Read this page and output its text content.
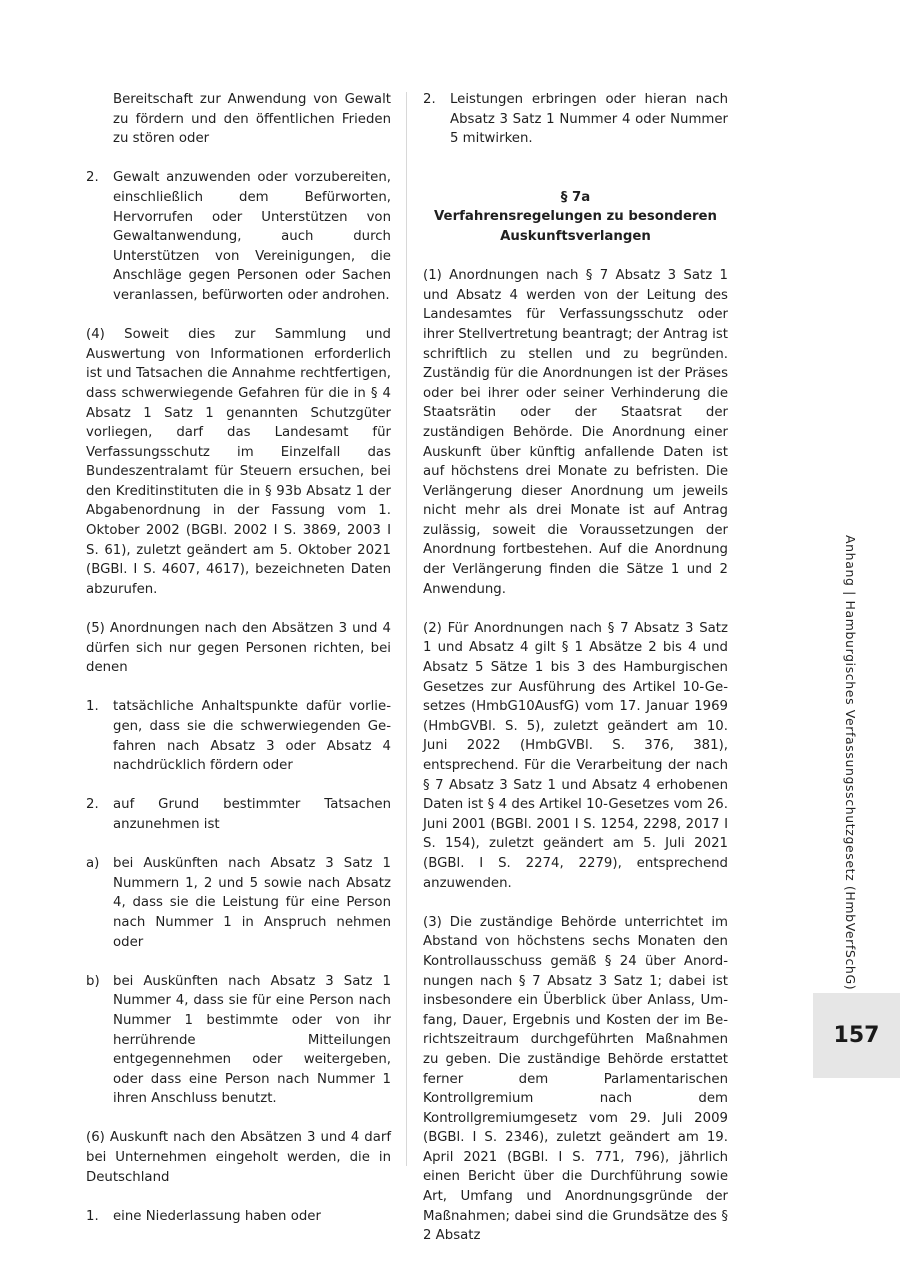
Bereitschaft zur Anwendung von Gewalt zu fördern und den öffentlichen Frieden zu stören oder
2.	Gewalt anzuwenden oder vorzubereiten, einschließlich dem Befürworten, Hervorrufen oder Unterstützen von Gewaltanwendung, auch durch Unterstützen von Vereinigungen, die Anschläge gegen Personen oder Sachen veranlassen, befürworten oder androhen.
(4) Soweit dies zur Sammlung und Auswertung von Informationen erforderlich ist und Tatsachen die Annahme rechtfertigen, dass schwerwiegende Gefahren für die in § 4 Absatz 1 Satz 1 genannten Schutzgüter vorliegen, darf das Landesamt für Verfassungsschutz im Einzelfall das Bundeszentralamt für Steuern ersuchen, bei den Kreditinstituten die in § 93b Absatz 1 der Abgabenordnung in der Fassung vom 1. Oktober 2002 (BGBl. 2002 I S. 3869, 2003 I S. 61), zuletzt geändert am 5. Oktober 2021 (BGBl. I S. 4607, 4617), bezeichneten Daten abzurufen.
(5) Anordnungen nach den Absätzen 3 und 4 dürfen sich nur gegen Personen richten, bei denen
1.	tatsächliche Anhaltspunkte dafür vorliegen, dass sie die schwerwiegenden Gefahren nach Absatz 3 oder Absatz 4 nachdrücklich fördern oder
2.	auf Grund bestimmter Tatsachen anzunehmen ist
a)	bei Auskünften nach Absatz 3 Satz 1 Nummern 1, 2 und 5 sowie nach Absatz 4, dass sie die Leistung für eine Person nach Nummer 1 in Anspruch nehmen oder
b)	bei Auskünften nach Absatz 3 Satz 1 Nummer 4, dass sie für eine Person nach Nummer 1 bestimmte oder von ihr herrührende Mitteilungen entgegennehmen oder weitergeben, oder dass eine Person nach Nummer 1 ihren Anschluss benutzt.
(6) Auskunft nach den Absätzen 3 und 4 darf bei Unternehmen eingeholt werden, die in Deutschland
1.	eine Niederlassung haben oder
2.	Leistungen erbringen oder hieran nach Absatz 3 Satz 1 Nummer 4 oder Nummer 5 mitwirken.
§ 7a
Verfahrensregelungen zu besonderen
Auskunftsverlangen
(1) Anordnungen nach § 7 Absatz 3 Satz 1 und Absatz 4 werden von der Leitung des Landesamtes für Verfassungsschutz oder ihrer Stellvertretung beantragt; der Antrag ist schriftlich zu stellen und zu begründen. Zuständig für die Anordnungen ist der Präses oder bei ihrer oder seiner Verhinderung die Staatsrätin oder der Staatsrat der zuständigen Behörde. Die Anordnung einer Auskunft über künftig anfallende Daten ist auf höchstens drei Monate zu befristen. Die Verlängerung dieser Anordnung um jeweils nicht mehr als drei Monate ist auf Antrag zulässig, soweit die Voraussetzungen der Anordnung fortbestehen. Auf die Anordnung der Verlängerung finden die Sätze 1 und 2 Anwendung.
(2) Für Anordnungen nach § 7 Absatz 3 Satz 1 und Absatz 4 gilt § 1 Absätze 2 bis 4 und Absatz 5 Sätze 1 bis 3 des Hamburgischen Gesetzes zur Ausführung des Artikel 10-Gesetzes (HmbG10AusfG) vom 17. Januar 1969 (HmbGVBl. S. 5), zuletzt geändert am 10. Juni 2022 (HmbGVBl. S. 376, 381), entsprechend. Für die Verarbeitung der nach § 7 Absatz 3 Satz 1 und Absatz 4 erhobenen Daten ist § 4 des Artikel 10-Gesetzes vom 26. Juni 2001 (BGBl. 2001 I S. 1254, 2298, 2017 I S. 154), zuletzt geändert am 5. Juli 2021 (BGBl. I S. 2274, 2279), entsprechend anzuwenden.
(3) Die zuständige Behörde unterrichtet im Abstand von höchstens sechs Monaten den Kontrollausschuss gemäß § 24 über Anordnungen nach § 7 Absatz 3 Satz 1; dabei ist insbesondere ein Überblick über Anlass, Umfang, Dauer, Ergebnis und Kosten der im Berichtszeitraum durchgeführten Maßnahmen zu geben. Die zuständige Behörde erstattet ferner dem Parlamentarischen Kontrollgremium nach dem Kontrollgremiumgesetz vom 29. Juli 2009 (BGBl. I S. 2346), zuletzt geändert am 19. April 2021 (BGBl. I S. 771, 796), jährlich einen Bericht über die Durchführung sowie Art, Umfang und Anordnungsgründe der Maßnahmen; dabei sind die Grundsätze des § 2 Absatz
Anhang | Hamburgisches Verfassungsschutzgesetz (HmbVerfSchG)
157
